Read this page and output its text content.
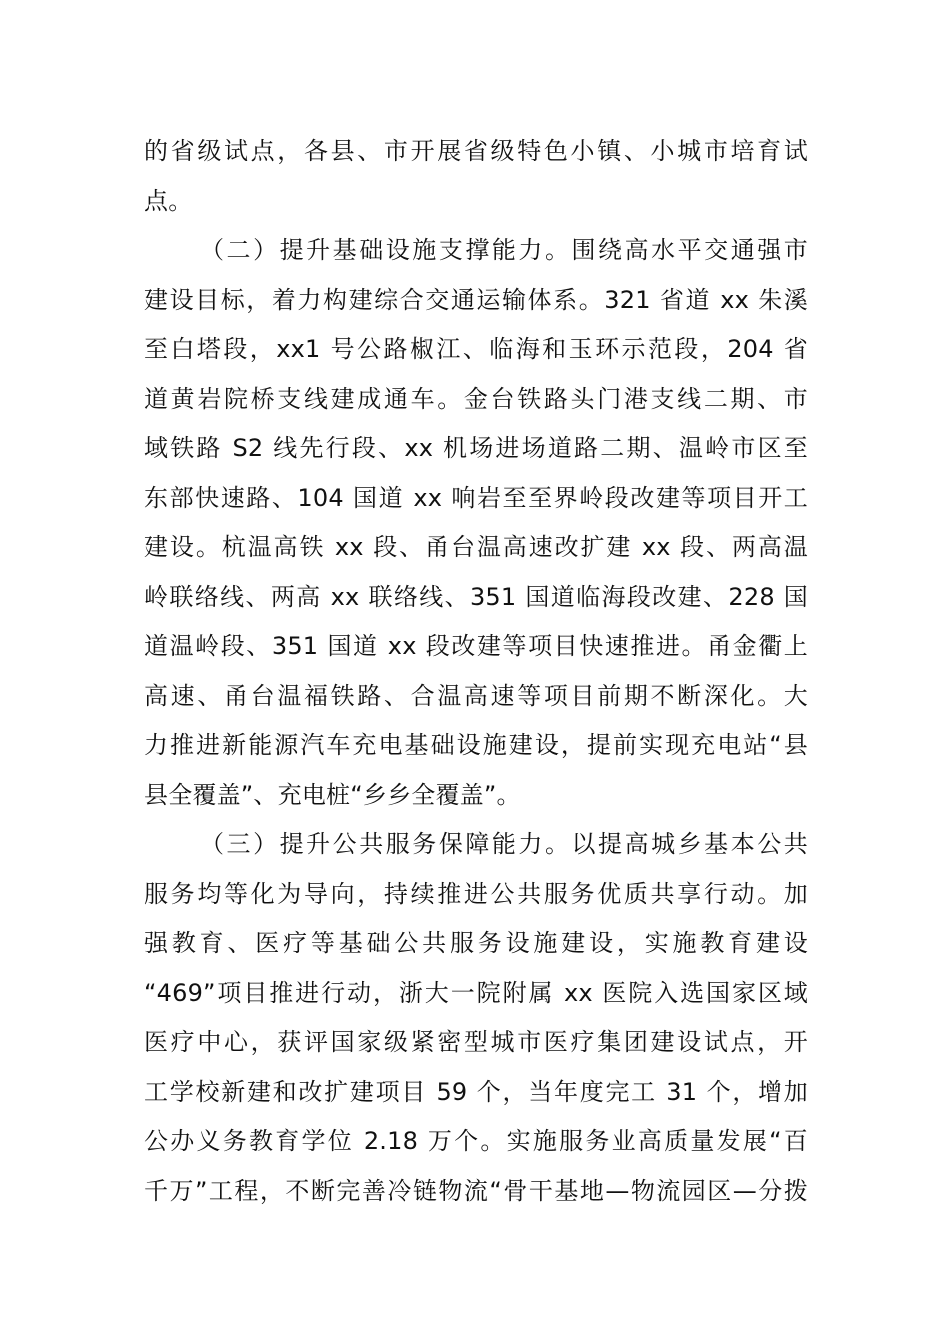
的省级试点，各县、市开展省级特色小镇、小城市培育试
点。
（二）提升基础设施支撑能力。围绕高水平交通强市
建设目标，着力构建综合交通运输体系。321 省道 xx 朱溪
至白塔段，xx1 号公路椒江、临海和玉环示范段，204 省
道黄岩院桥支线建成通车。金台铁路头门港支线二期、市
域铁路 S2 线先行段、xx 机场进场道路二期、温岭市区至
东部快速路、104 国道 xx 响岩至至界岭段改建等项目开工
建设。杭温高铁 xx 段、甬台温高速改扩建 xx 段、两高温
岭联络线、两高 xx 联络线、351 国道临海段改建、228 国
道温岭段、351 国道 xx 段改建等项目快速推进。甬金衢上
高速、甬台温福铁路、合温高速等项目前期不断深化。大
力推进新能源汽车充电基础设施建设，提前实现充电站“县
县全覆盖”、充电桩“乡乡全覆盖”。
（三）提升公共服务保障能力。以提高城乡基本公共
服务均等化为导向，持续推进公共服务优质共享行动。加
强教育、医疗等基础公共服务设施建设，实施教育建设
“469”项目推进行动，浙大一院附属 xx 医院入选国家区域
医疗中心，获评国家级紧密型城市医疗集团建设试点，开
工学校新建和改扩建项目 59 个，当年度完工 31 个，增加
公办义务教育学位 2.18 万个。实施服务业高质量发展“百
千万”工程，不断完善冷链物流“骨干基地—物流园区—分拨
